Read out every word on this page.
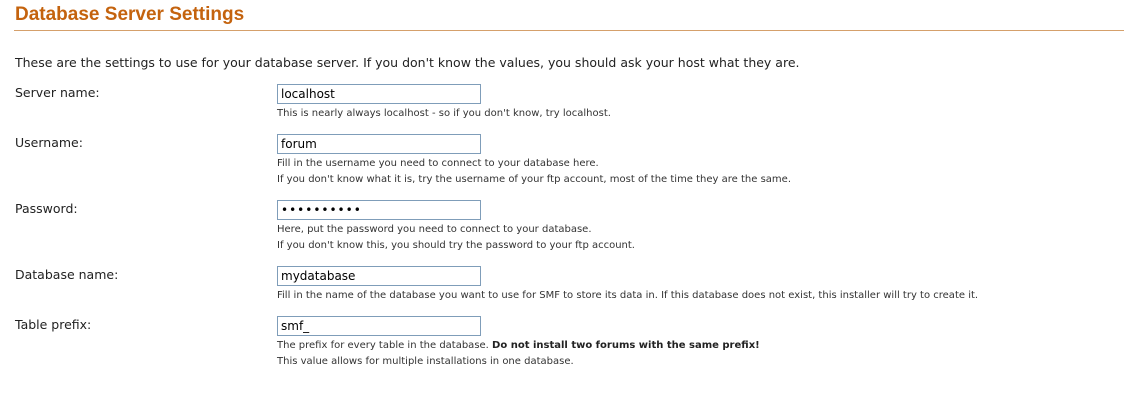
Database Server Settings

These are the settings to use for your database server. If you don't know the values, you should ask your host what they are.

Server name:
localhost
This is nearly always localhost - so if you don't know, try localhost.
Username:
forum
Fill in the username you need to connect to your database here.
If you don't know what it is, try the username of your ftp account, most of the time they are the same.
Password:
••••••••••
Here, put the password you need to connect to your database.
If you don't know this, you should try the password to your ftp account.
Database name:
mydatabase
Fill in the name of the database you want to use for SMF to store its data in. If this database does not exist, this installer will try to create it.
Table prefix:
smf_
The prefix for every table in the database. Do not install two forums with the same prefix!
This value allows for multiple installations in one database.
